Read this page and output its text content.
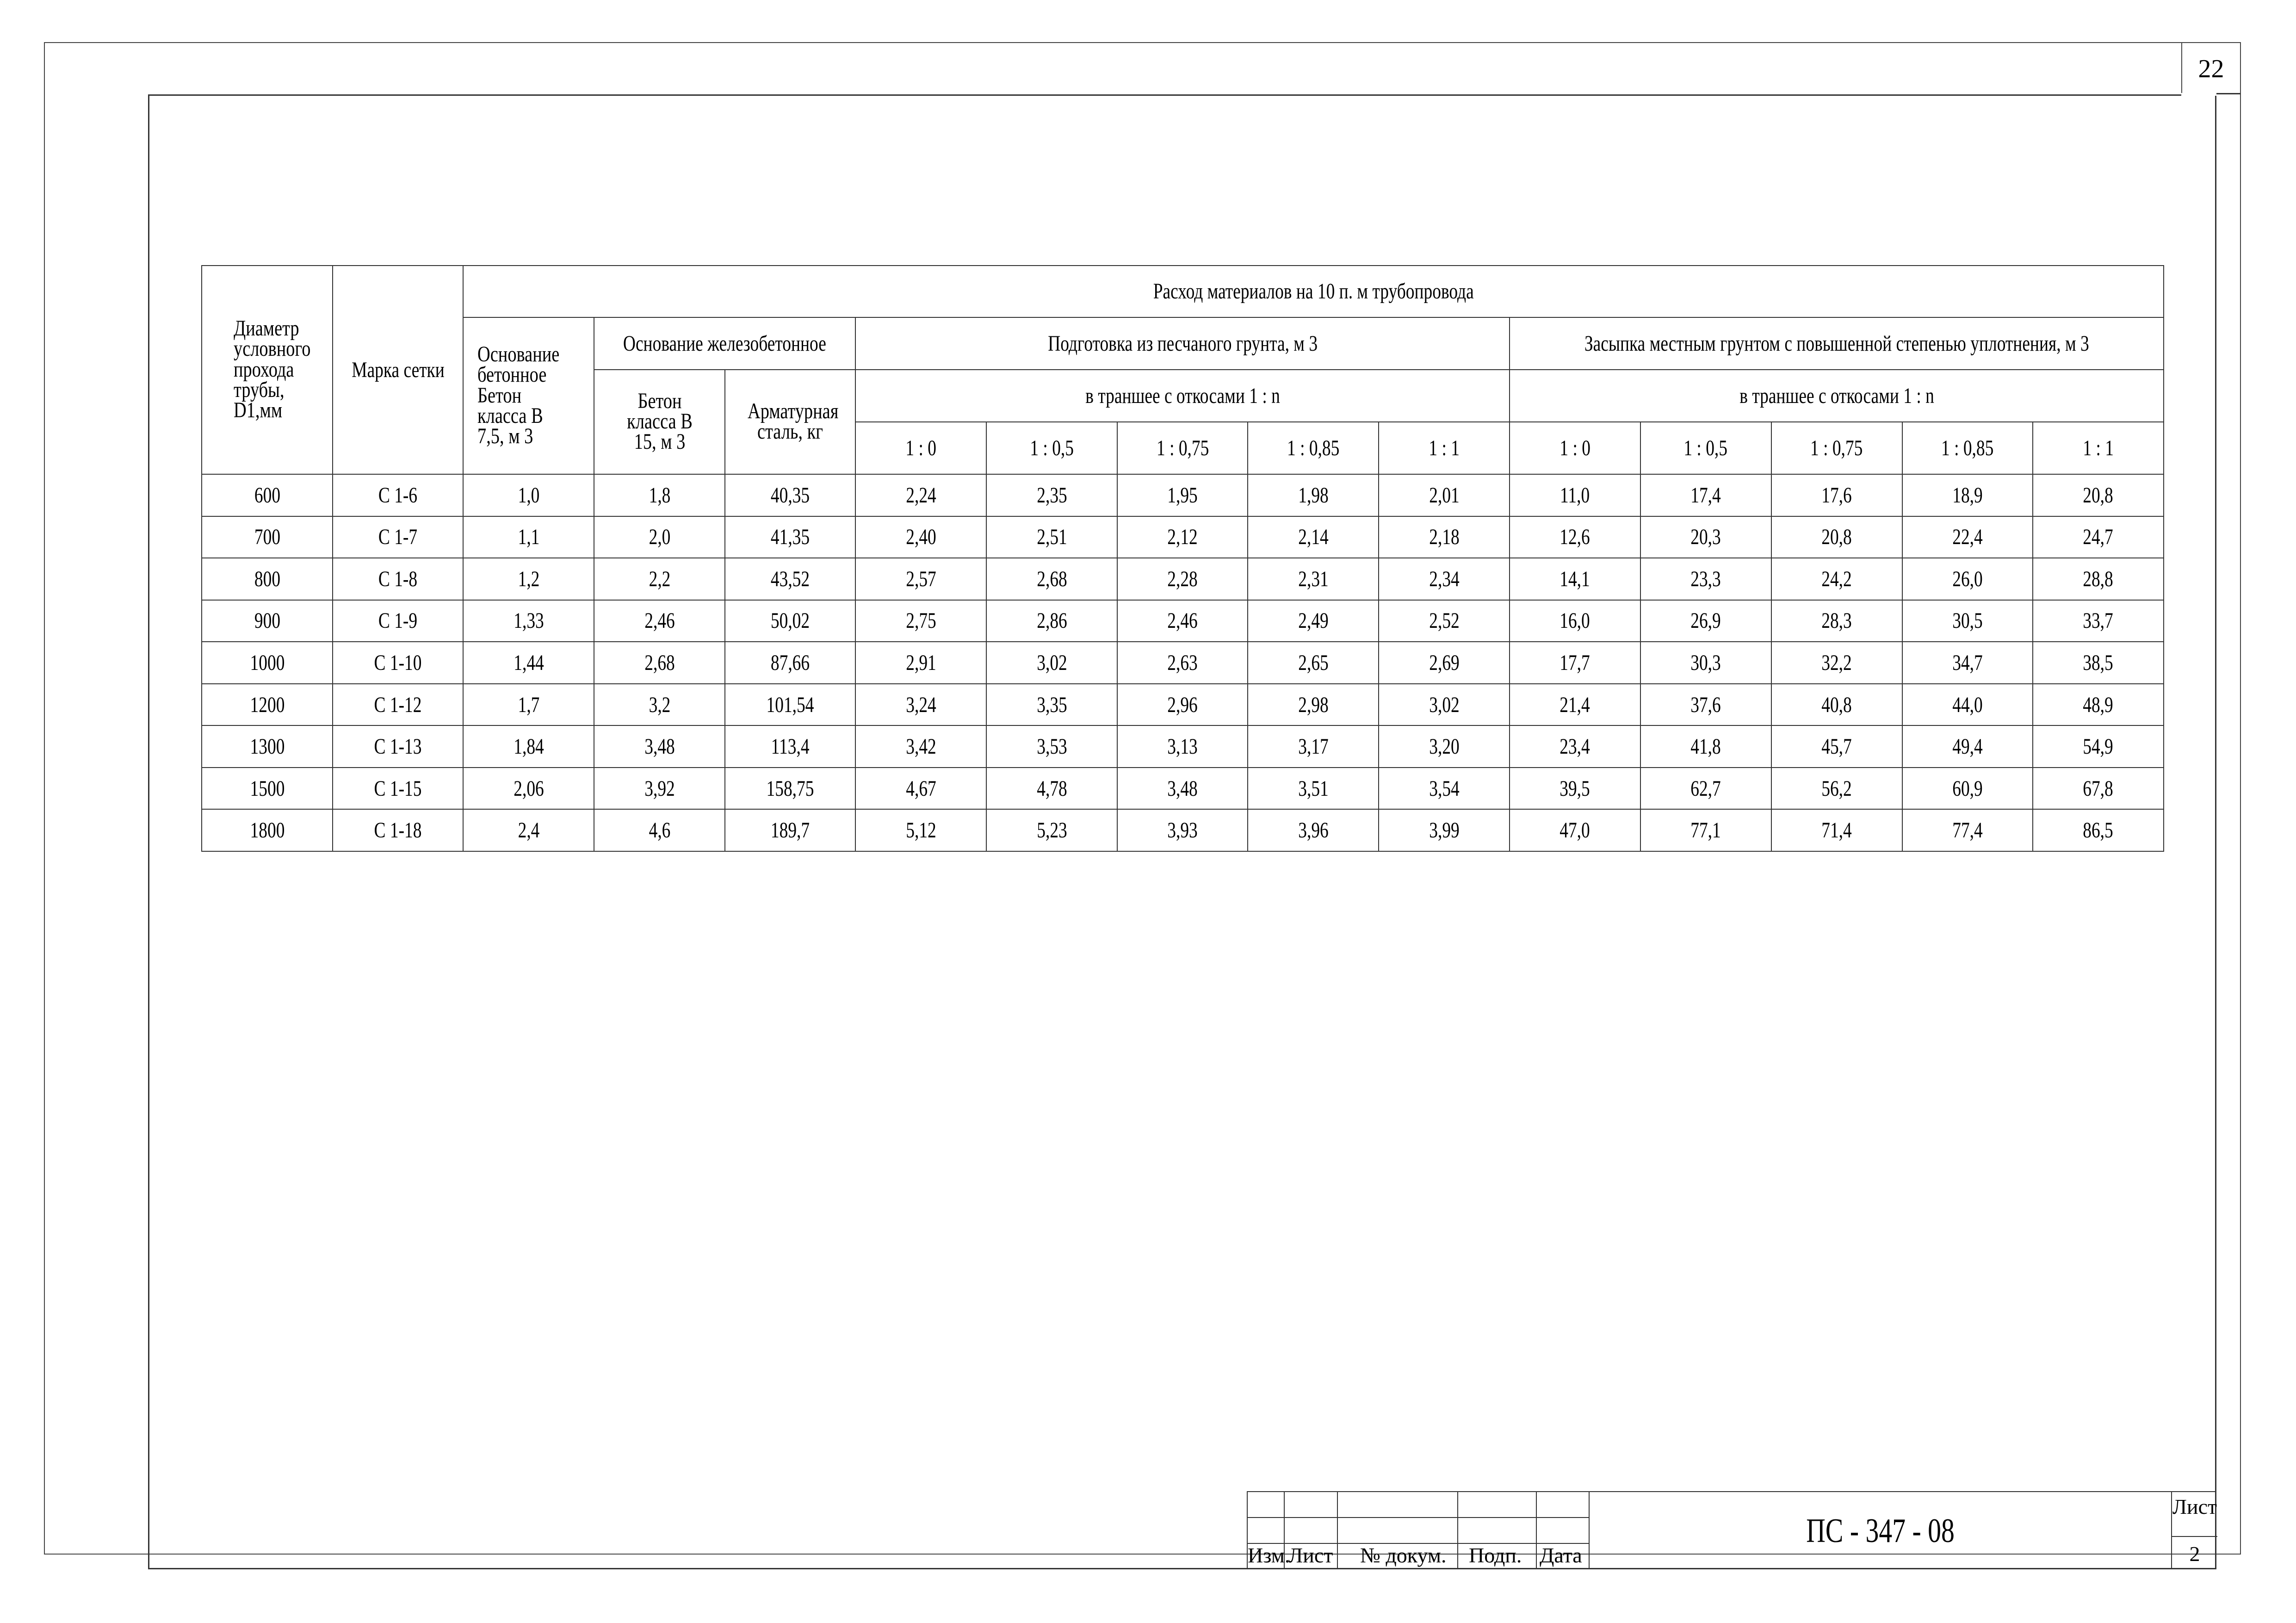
22
Диаметр условного прохода трубы, D1,мм	Марка сетки	Расход материалов на 10 п. м трубопровода												
		Основание бетонное Бетон класса В 7,5, м 3	Основание железобетонное		Подготовка из песчаного грунта, м 3					Засыпка местным грунтом с повышенной степенью уплотнения, м 3				
			Бетон класса В 15, м 3	Арматурная сталь, кг	в траншее с откосами 1 : n					в траншее с откосами 1 : n				
					1 : 0	1 : 0,5	1 : 0,75	1 : 0,85	1 : 1	1 : 0	1 : 0,5	1 : 0,75	1 : 0,85	1 : 1
600	С 1-6	1,0	1,8	40,35	2,24	2,35	1,95	1,98	2,01	11,0	17,4	17,6	18,9	20,8
700	С 1-7	1,1	2,0	41,35	2,40	2,51	2,12	2,14	2,18	12,6	20,3	20,8	22,4	24,7
800	С 1-8	1,2	2,2	43,52	2,57	2,68	2,28	2,31	2,34	14,1	23,3	24,2	26,0	28,8
900	С 1-9	1,33	2,46	50,02	2,75	2,86	2,46	2,49	2,52	16,0	26,9	28,3	30,5	33,7
1000	С 1-10	1,44	2,68	87,66	2,91	3,02	2,63	2,65	2,69	17,7	30,3	32,2	34,7	38,5
1200	С 1-12	1,7	3,2	101,54	3,24	3,35	2,96	2,98	3,02	21,4	37,6	40,8	44,0	48,9
1300	С 1-13	1,84	3,48	113,4	3,42	3,53	3,13	3,17	3,20	23,4	41,8	45,7	49,4	54,9
1500	С 1-15	2,06	3,92	158,75	4,67	4,78	3,48	3,51	3,54	39,5	62,7	56,2	60,9	67,8
1800	С 1-18	2,4	4,6	189,7	5,12	5,23	3,93	3,96	3,99	47,0	77,1	71,4	77,4	86,5
Изм.
Лист № докум. Подп. Дата
ПС - 347 - 08
Лист
2
